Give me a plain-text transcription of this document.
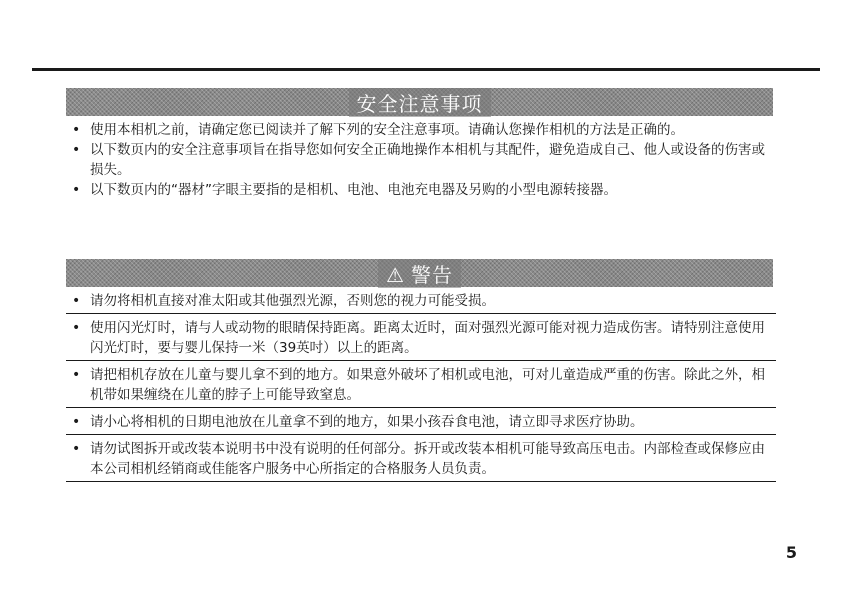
安全注意事项
• 使用本相机之前，请确定您已阅读并了解下列的安全注意事项。请确认您操作相机的方法是正确的。
• 以下数页内的安全注意事项旨在指导您如何安全正确地操作本相机与其配件，避免造成自己、他人或设备的伤害或损失。
• 以下数页内的“器材”字眼主要指的是相机、电池、电池充电器及另购的小型电源转接器。
⚠ 警告
• 请勿将相机直接对准太阳或其他强烈光源，否则您的视力可能受损。
• 使用闪光灯时，请与人或动物的眼睛保持距离。距离太近时，面对强烈光源可能对视力造成伤害。请特别注意使用闪光灯时，要与婴儿保持一米（39英吋）以上的距离。
• 请把相机存放在儿童与婴儿拿不到的地方。如果意外破坏了相机或电池，可对儿童造成严重的伤害。除此之外，相机带如果缠绕在儿童的脖子上可能导致窒息。
• 请小心将相机的日期电池放在儿童拿不到的地方，如果小孩吞食电池，请立即寻求医疗协助。
• 请勿试图拆开或改装本说明书中没有说明的任何部分。拆开或改装本相机可能导致高压电击。内部检查或保修应由本公司相机经销商或佳能客户服务中心所指定的合格服务人员负责。
5
